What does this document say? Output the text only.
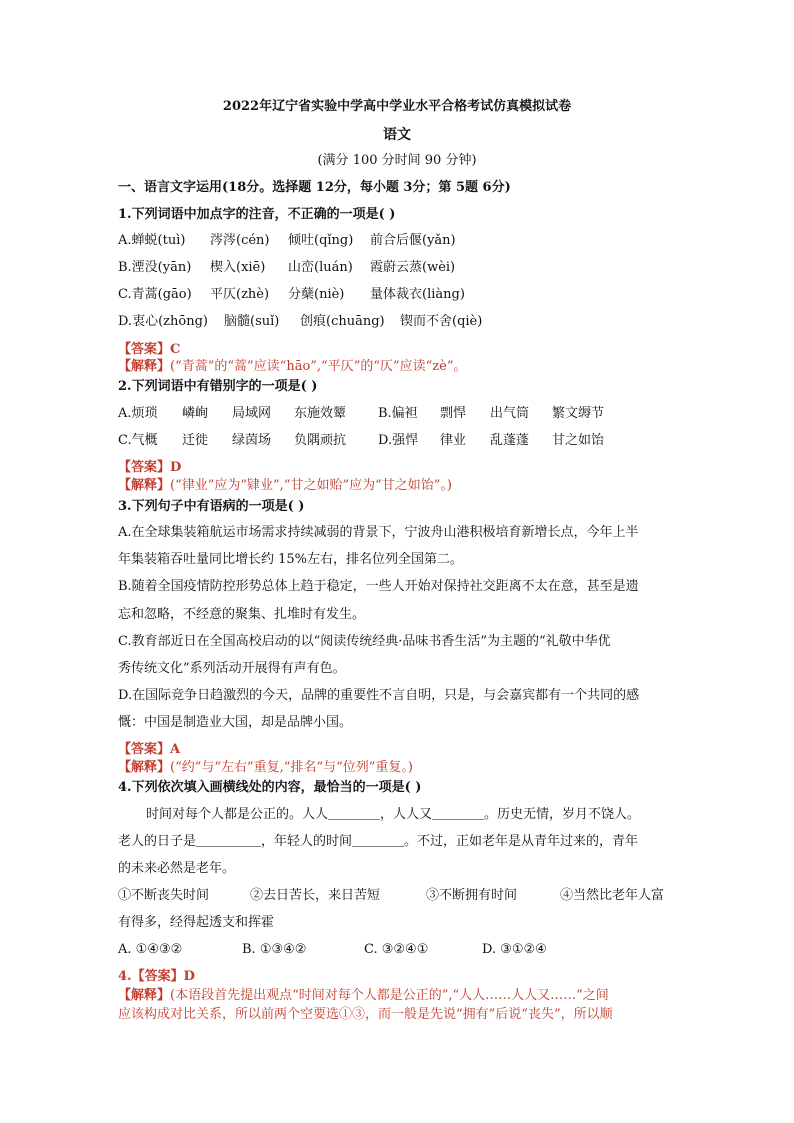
2022年辽宁省实验中学高中学业水平合格考试仿真模拟试卷
语文
(满分 100 分时间 90 分钟)
一、语言文字运用(18分。选择题 12分，每小题 3分；第 5题 6分)
1.下列词语中加点字的注音，不正确的一项是( )
A.蝉蜕(tuì) 涔涔(cén) 倾吐(qǐng) 前合后偃(yǎn)
B.湮没(yān) 楔入(xiē) 山峦(luán) 霞蔚云蒸(wèi)
C.青蒿(gāo) 平仄(zhè) 分蘖(niè) 量体裁衣(liàng)
D.衷心(zhōng) 脑髓(suǐ) 创痕(chuāng) 锲而不舍(qiè)
【答案】C
【解释】(“青蒿”的“蒿”应读“hāo”,“平仄”的“仄”应读“zè”。
2.下列词语中有错别字的一项是( )
A.烦琐 嶙峋 局域网 东施效颦 B.偏袒 剽悍 出气筒 繁文缛节
C.气概 迁徙 绿茵场 负隅顽抗 D.强悍 律业 乱蓬蓬 甘之如饴
【答案】D
【解释】(“律业”应为“肄业”,“甘之如贻”应为“甘之如饴”。)
3.下列句子中有语病的一项是( )
A.在全球集装箱航运市场需求持续减弱的背景下，宁波舟山港积极培育新增长点，今年上半
年集装箱吞吐量同比增长约 15%左右，排名位列全国第二。
B.随着全国疫情防控形势总体上趋于稳定，一些人开始对保持社交距离不太在意，甚至是遗
忘和忽略，不经意的聚集、扎堆时有发生。
C.教育部近日在全国高校启动的以“阅读传统经典·品味书香生活”为主题的“礼敬中华优
秀传统文化”系列活动开展得有声有色。
D.在国际竞争日趋激烈的今天，品牌的重要性不言自明，只是，与会嘉宾都有一个共同的感
慨：中国是制造业大国，却是品牌小国。
【答案】A
【解释】(“约”与“左右”重复,“排名”与“位列”重复。)
4.下列依次填入画横线处的内容，最恰当的一项是( )
时间对每个人都是公正的。人人＿＿＿＿，人人又＿＿＿＿。历史无情，岁月不饶人。
老人的日子是＿＿＿＿＿，年轻人的时间＿＿＿＿。不过，正如老年是从青年过来的，青年
的未来必然是老年。
①不断丧失时间	②去日苦长，来日苦短	③不断拥有时间	④当然比老年人富
有得多，经得起透支和挥霍
A. ①④③②	B. ①③④②	C. ③②④①	D. ③①②④
4.【答案】D
【解释】(本语段首先提出观点“时间对每个人都是公正的”,“人人……人人又……”之间
应该构成对比关系，所以前两个空要选①③，而一般是先说“拥有”后说“丧失”，所以顺
